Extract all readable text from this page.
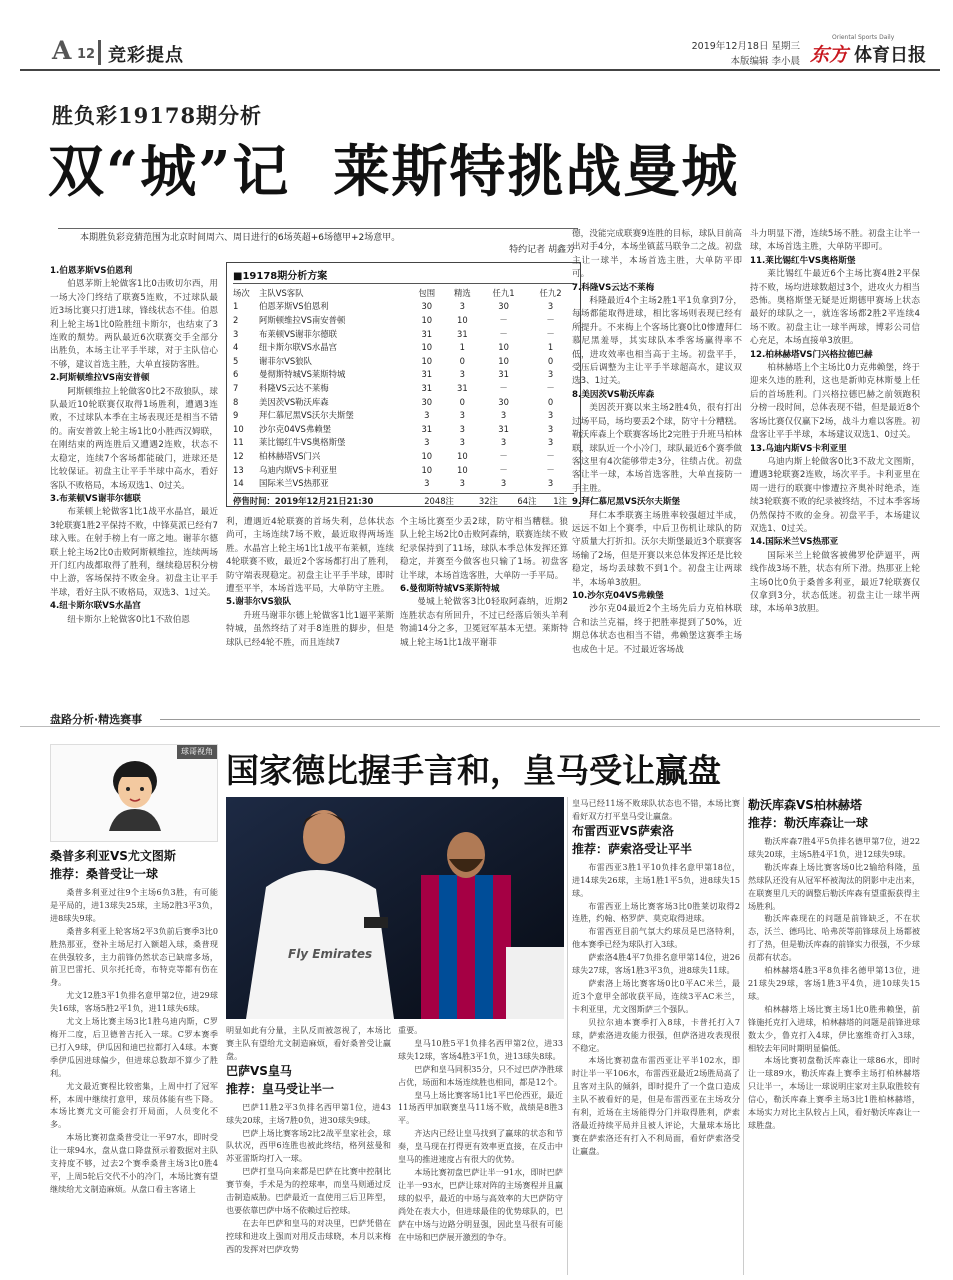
A 12 竞彩提点	2019年12月18日 星期三
本版编辑 李小晨
Oriental Sports Daily
东方 体育日报
胜负彩19178期分析
双“城”记  莱斯特挑战曼城
本期胜负彩竞猜范围为北京时间周六、周日进行的6场英超+6场德甲+2场意甲。
特约记者 胡鑫芳
■19178期分析方案
场次	主队VS客队	包围	精选	任九1	任九2
1	伯恩茅斯VS伯恩利	30	3	30	3
2	阿斯顿维拉VS南安普顿	10	10	－	－
3	布莱顿VS谢菲尔德联	31	31	－	－
4	纽卡斯尔联VS水晶宫	10	1	10	1
5	谢菲尔VS狼队	10	0	10	0
6	曼彻斯特城VS莱斯特城	31	3	31	3
7	科隆VS云达不莱梅	31	31	－	－
8	美因茨VS勒沃库森	30	0	30	0
9	拜仁慕尼黑VS沃尔夫斯堡	3	3	3	3
10	沙尔克04VS弗赖堡	31	3	31	3
11	莱比锡红牛VS奥格斯堡	3	3	3	3
12	柏林赫塔VS门兴	10	10	－	－
13	乌迪内斯VS卡利亚里	10	10	－	－
14	国际米兰VS热那亚	3	3	3	3
停售时间：2019年12月21日21:30	2048注	32注	64注	1注
1.伯恩茅斯VS伯恩利

伯恩茅斯上轮做客1比0击败切尔西，用一场大冷门终结了联赛5连败，不过球队最近3场比赛只打进1球，锋线状态不佳。伯恩利上轮主场1比0险胜纽卡斯尔，也结束了3连败的颓势。两队最近6次联赛交手全部分出胜负，本场主让平手半球，对于主队信心不够，建议首选主胜，大单直接防客胜。

2.阿斯顿维拉VS南安普顿

阿斯顿维拉上轮做客0比2不敌狼队，球队最近10轮联赛仅取得1场胜利，遭遇3连败，不过球队本季在主场表现还是相当不错的。南安普敦上轮主场1比0小胜西汉姆联，在刚结束的两连胜后又遭遇2连败，状态不太稳定，连续7个客场都能破门，进球还是比较保证。初盘主让平手半球中高水，看好客队不败格局，本场双选1、0过关。

3.布莱顿VS谢菲尔德联

布莱顿上轮做客1比1战平水晶宫，最近3轮联赛1胜2平保持不败，中锋莫派已经有7球入账。在射手榜上有一席之地。谢菲尔德联上轮主场2比0击败阿斯顿维拉，连续两场开门红内战都取得了胜利，继续稳居积分榜中上游，客场保持不败金身。初盘主让平手半球，看好主队不败格局，双选3、1过关。

4.纽卡斯尔联VS水晶宫

纽卡斯尔上轮做客0比1不敌伯恩

利，遭遇近4轮联赛的首场失利，总体状态尚可，主场连续7场不败，最近取得两场连胜。水晶宫上轮主场1比1战平布莱顿，连续4轮联赛不败，最近2个客场都打出了胜利，防守端表现稳定。初盘主让平手半球，即时遭至平半，本场首选平局，大单防守主胜。

5.谢菲尔VS狼队

升班马谢菲尔德上轮做客1比1逼平莱斯特城，虽然终结了对手8连胜的脚步，但是球队已经4轮不胜，而且连续7

个主场比赛至少丢2球，防守相当糟糕。狼队上轮主场2比0击败阿森纳，联赛连续不败纪录保持到了11场，球队本季总体发挥还算稳定，并赛至今做客也只输了1场。初盘客让半球，本场首选客胜，大单防一手平局。

6.曼彻斯特城VS莱斯特城

曼城上轮做客3比0轻取阿森纳，近期2连胜状态有所回升，不过已经落后领头羊利物浦14分之多，卫冕冠军基本无望。莱斯特城上轮主场1比1战平谢菲

德，没能完成联赛9连胜的目标，球队目前高出对手4分，本场坐镇蓝马联争二之战。初盘主让一球半，本场首选主胜，大单防平即可。

7.科隆VS云达不莱梅

科隆最近4个主场2胜1平1负拿到7分，每场都能取得进球，相比客场则表现已经有所提升。不来梅上个客场比赛0比0惨遭拜仁慕尼黑羞辱，其实球队本季客场赢得率不低，进攻效率也相当高于主场。初盘平手，受压后调整为主让平手半球超高水，建议双选3、1过关。

8.美因茨VS勒沃库森

美因茨开赛以来主场2胜4负，很有打出过场平局，场均要丢2个球，防守十分糟糕。勒沃库森上个联赛客场比2完胜于升班马柏林联，球队近一个小冷门，球队最近6个赛季做客这里有4次能够带走3分，往绩占优。初盘客让半一球，本场首选客胜，大单直接防一手主胜。

9.拜仁慕尼黑VS沃尔夫斯堡

拜仁本季联赛主场胜率较强超过半成，远远不如上个赛季，中后卫伤机让球队的防守质量大打折扣。沃尔夫斯堡最近3个联赛客场输了2场，但是开赛以来总体发挥还是比较稳定，场均丢球数不到1个。初盘主让两球半，本场单3放胆。

10.沙尔克04VS弗赖堡

沙尔克04最近2个主场先后力克柏林联合和法兰克福，终于把胜率提到了50%，近期总体状态也相当不错，弗赖堡这赛季主场也成色十足。不过最近客场战

斗力明显下滑，连续5场不胜。初盘主让半一球，本场首选主胜，大单防平即可。

11.莱比锡红牛VS奥格斯堡

莱比锡红牛最近6个主场比赛4胜2平保持不败，场均进球数超过3个，进攻火力相当恐怖。奥格斯堡无疑是近期德甲赛场上状态最好的球队之一，就连客场都2胜2平连续4场不败。初盘主让一球半两球，博彩公司信心充足，本场直接单3放胆。

12.柏林赫塔VS门兴格拉德巴赫

柏林赫塔上个主场比0力克弗赖堡，终于迎来久违的胜利，这也是新帅克林斯曼上任后的首场胜利。门兴格拉德巴赫之前领跑积分榜一段时间，总体表现不错，但是最近8个客场比赛仅仅赢下2场，战斗力难以客胜。初盘客让平手半球，本场建议双选1、0过关。

13.乌迪内斯VS卡利亚里

乌迪内斯上轮做客0比3不敌尤文图斯，遭遇3轮联赛2连败，场次平手。卡利亚里在周一进行的联赛中惨遭拉齐奥补时绝杀，连续3轮联赛不败的纪录被终结，不过本季客场仍然保持不败的金身。初盘平手，本场建议双选1、0过关。

14.国际米兰VS热那亚

国际米兰上轮做客被佛罗伦萨逼平，两线作战3场不胜，状态有所下滑。热那亚上轮主场0比0负于桑普多利亚，最近7轮联赛仅仅拿到3分，状态低迷。初盘主让一球半两球，本场单3放胆。

盘路分析·精选赛事
国家德比握手言和，皇马受让赢盘
球哥视角
Fly Emirates
桑普多利亚VS尤文图斯
推荐：桑普受让一球

桑普多利亚过往9个主场6负3胜，有可能是平局的，进13球失25球，主场2胜3平3负，进8球失9球。

桑普多利亚上轮客场2平3负前后赛季3比0胜热那亚，登补主场尼打入额超入球，桑普现在供强较多，主力前锋仍然状态已缺席多场，前卫巴雷托、贝尔托托奇，布特克等都有伤在身。

尤文12胜3平1负排名意甲第2位，进29球失16球，客场5胜2平1负，进11球失6球。

尤文上场比赛主场3比1胜乌迪内斯，C罗梅开二度，后卫德普吉托入一球。C罗本赛季已打入9球，伊瓜因和迪巴拉都打入4球。本赛季伊瓜因进球偏少，但进球总数却不算少了胜利。

尤文最近赛程比较密集，上周中打了冠军杯，本周中继续打意甲，球员体能有些下降。本场比赛尤文可能会打开局面，人员变化不多。

本场比赛初盘桑普受让一平97水，即时受让一球94水，盘从盘口降盘预示着数据对主队支持度不够，过去2个赛季桑普主场3比0胜4平，上周5轮后交代不小的冷门，本场比赛有望继续给尤文制造麻烦。从盘口看主客诸上

明显如此有分量，主队反而被忽视了，本场比赛主队有望给尤文制造麻烦，看好桑普受让赢盘。

巴萨VS皇马
推荐：皇马受让半一

巴萨11胜2平3负排名西甲第1位，进43球失20球，主场7胜0负，进30球失9球。

巴萨上场比赛客场2比2战平皇家社会，球队状况，西甲6连胜也被此终结，格列兹曼和苏亚雷斯均打入一球。

巴萨打皇马向来都是巴萨在比赛中控制比赛节奏，手术是为的控球率，而皇马则通过反击制造威胁。巴萨最近一直使用三后卫阵型，也要依靠巴萨中场不依赖过后控球。

在去年巴萨和皇马的对决里，巴萨凭借在控球和进攻上强而对用反击球晓，本月以来梅西的发挥对巴萨攻势

重要。

皇马10胜5平1负排名西甲第2位，进33球失12球，客场4胜3平1负，进13球失8球。

巴萨和皇马同积35分，只不过巴萨净胜球占优，场面和本场连续胜也相同，都是12个。

皇马上场比赛客场1比1平巴伦西亚，最近11场西甲加联赛皇马11场不败，战绩是8胜3平。

齐达内已经让皇马找到了赢球的状态和节奏，皇马现在打得更有效率更直接，在反击中皇马的推进速度占有很大的优势。

本场比赛初盘巴萨让半一91水，即时巴萨让半一93水，巴萨让球对阵的主场赛程并且赢球的似乎，最近的中场与高效率的大巴萨防守尚处在表大小，但进球最佳的优势球队的，巴萨在中场与边路分明显强，因此皇马很有可能在中场和巴萨展开激烈的争夺。

皇马已经11场不败球队状态也不错，本场比赛看好双方打平皇马受让赢盘。

布雷西亚VS萨索洛
推荐：萨索洛受让平半

布雷西亚3胜1平10负排名意甲第18位，进14球失26球，主场1胜1平5负，进8球失15球。

布雷西亚上场比赛客场3比0胜莱切取得2连胜，约翰、格罗萨、莫克取得进球。

布雷西亚目前气氛大约球员是巴洛特利，他本赛季已经为球队打入3球。

萨索洛4胜4平7负排名意甲第14位，进26球失27球，客场1胜3平3负，进8球失11球。

萨索洛上场比赛客场0比0平AC米兰，最近3个意甲全部收获平局，连续3平AC米兰，卡利亚里，尤文图斯萨三个强队。

贝拉尔迪本赛季打入8球，卡普托打入7球，萨索洛进攻能力很强，但萨洛进攻表现很不稳定。

本场比赛初盘布雷西亚让平半102水，即时让半一平106水，布雷西亚最近2场胜局高了且客对主队的倾斜，即时提升了一个盘口造成主队不被看好的是，但是布雷西亚在主场攻分有利，近场在主场能得分门并取得胜利，萨索洛最近持续平局并且被人评论，大量球本场比赛在萨索洛还有打入不利局面，看好萨索洛受让赢盘。

勒沃库森VS柏林赫塔
推荐：勒沃库森让一球

勒沃库森7胜4平5负排名德甲第7位，进22球失20球，主场5胜4平1负，进12球失9球。

勒沃库森上场比赛客场0比2输给科隆，虽然球队还没有从冠军杯被淘汰的阴影中走出来，在联赛里几天的调整后勒沃库森有望重振获得主场胜利。

勒沃库森现在的问题是前锋缺乏，不在状态，沃兰、德玛比、哈弗茨等前锋球员上场都被打了热，但是勒沃库森的前锋实力很强，不少球员都有状态。

柏林赫塔4胜3平8负排名德甲第13位，进21球失29球，客场1胜3平4负，进10球失15球。

柏林赫塔上场比赛主场1比0胜弗赖堡，前锋施托克打入进球，柏林赫塔的问题是前锋进球数太少，鲁克打入4球，伊比塞维奇打入3球，相较去年同时期明显偏低。

本场比赛初盘勒沃库森让一球86水，即时让一球89水，勒沃库森上赛季主场打柏林赫塔只让半一，本场让一球说明庄家对主队取胜较有信心，勒沃库森上赛季主场3比1胜柏林赫塔，本场实力对比主队较占上风，看好勒沃库森让一球胜盘。
